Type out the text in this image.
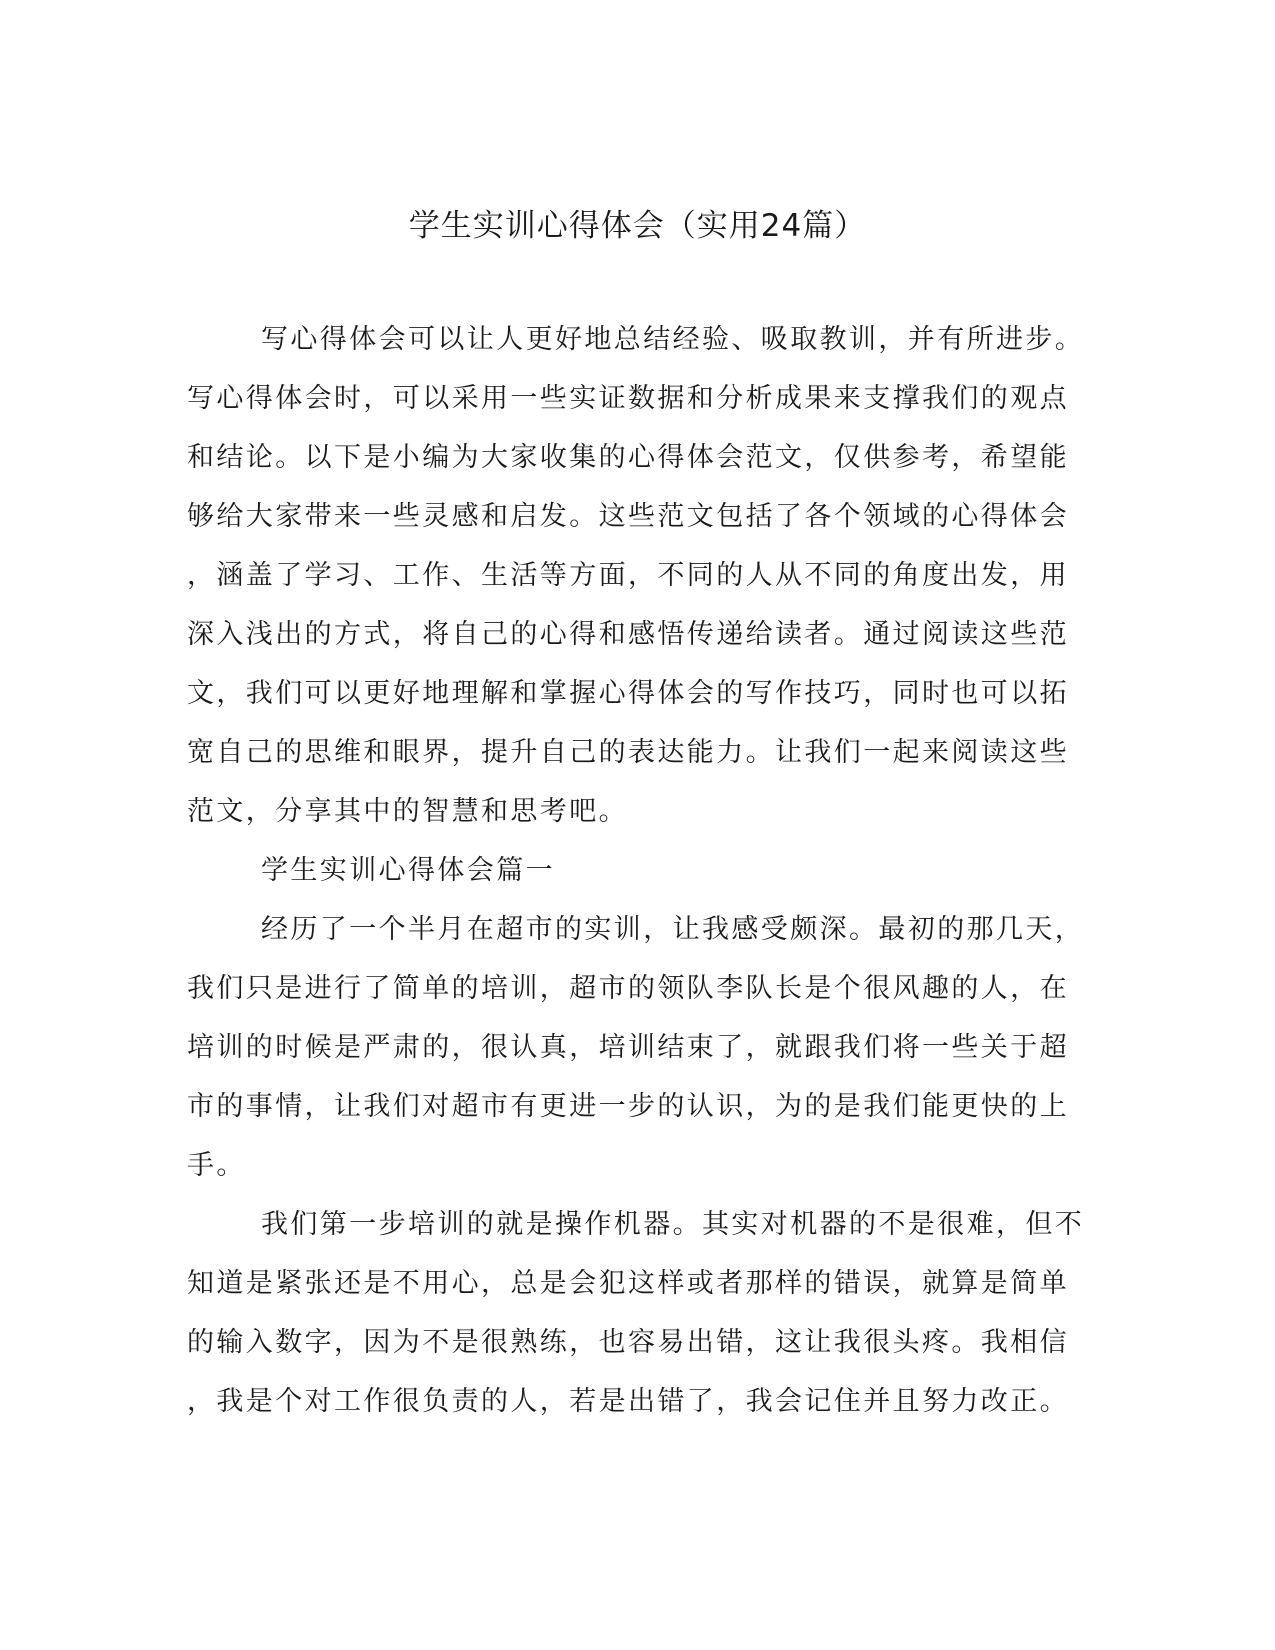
学生实训心得体会（实用24篇）

写心得体会可以让人更好地总结经验、吸取教训，并有所进步。

写心得体会时，可以采用一些实证数据和分析成果来支撑我们的观点

和结论。以下是小编为大家收集的心得体会范文，仅供参考，希望能

够给大家带来一些灵感和启发。这些范文包括了各个领域的心得体会

，涵盖了学习、工作、生活等方面，不同的人从不同的角度出发，用

深入浅出的方式，将自己的心得和感悟传递给读者。通过阅读这些范

文，我们可以更好地理解和掌握心得体会的写作技巧，同时也可以拓

宽自己的思维和眼界，提升自己的表达能力。让我们一起来阅读这些

范文，分享其中的智慧和思考吧。

学生实训心得体会篇一

经历了一个半月在超市的实训，让我感受颇深。最初的那几天，

我们只是进行了简单的培训，超市的领队李队长是个很风趣的人，在

培训的时候是严肃的，很认真，培训结束了，就跟我们将一些关于超

市的事情，让我们对超市有更进一步的认识，为的是我们能更快的上

手。

我们第一步培训的就是操作机器。其实对机器的不是很难，但不

知道是紧张还是不用心，总是会犯这样或者那样的错误，就算是简单

的输入数字，因为不是很熟练，也容易出错，这让我很头疼。我相信

，我是个对工作很负责的人，若是出错了，我会记住并且努力改正。
